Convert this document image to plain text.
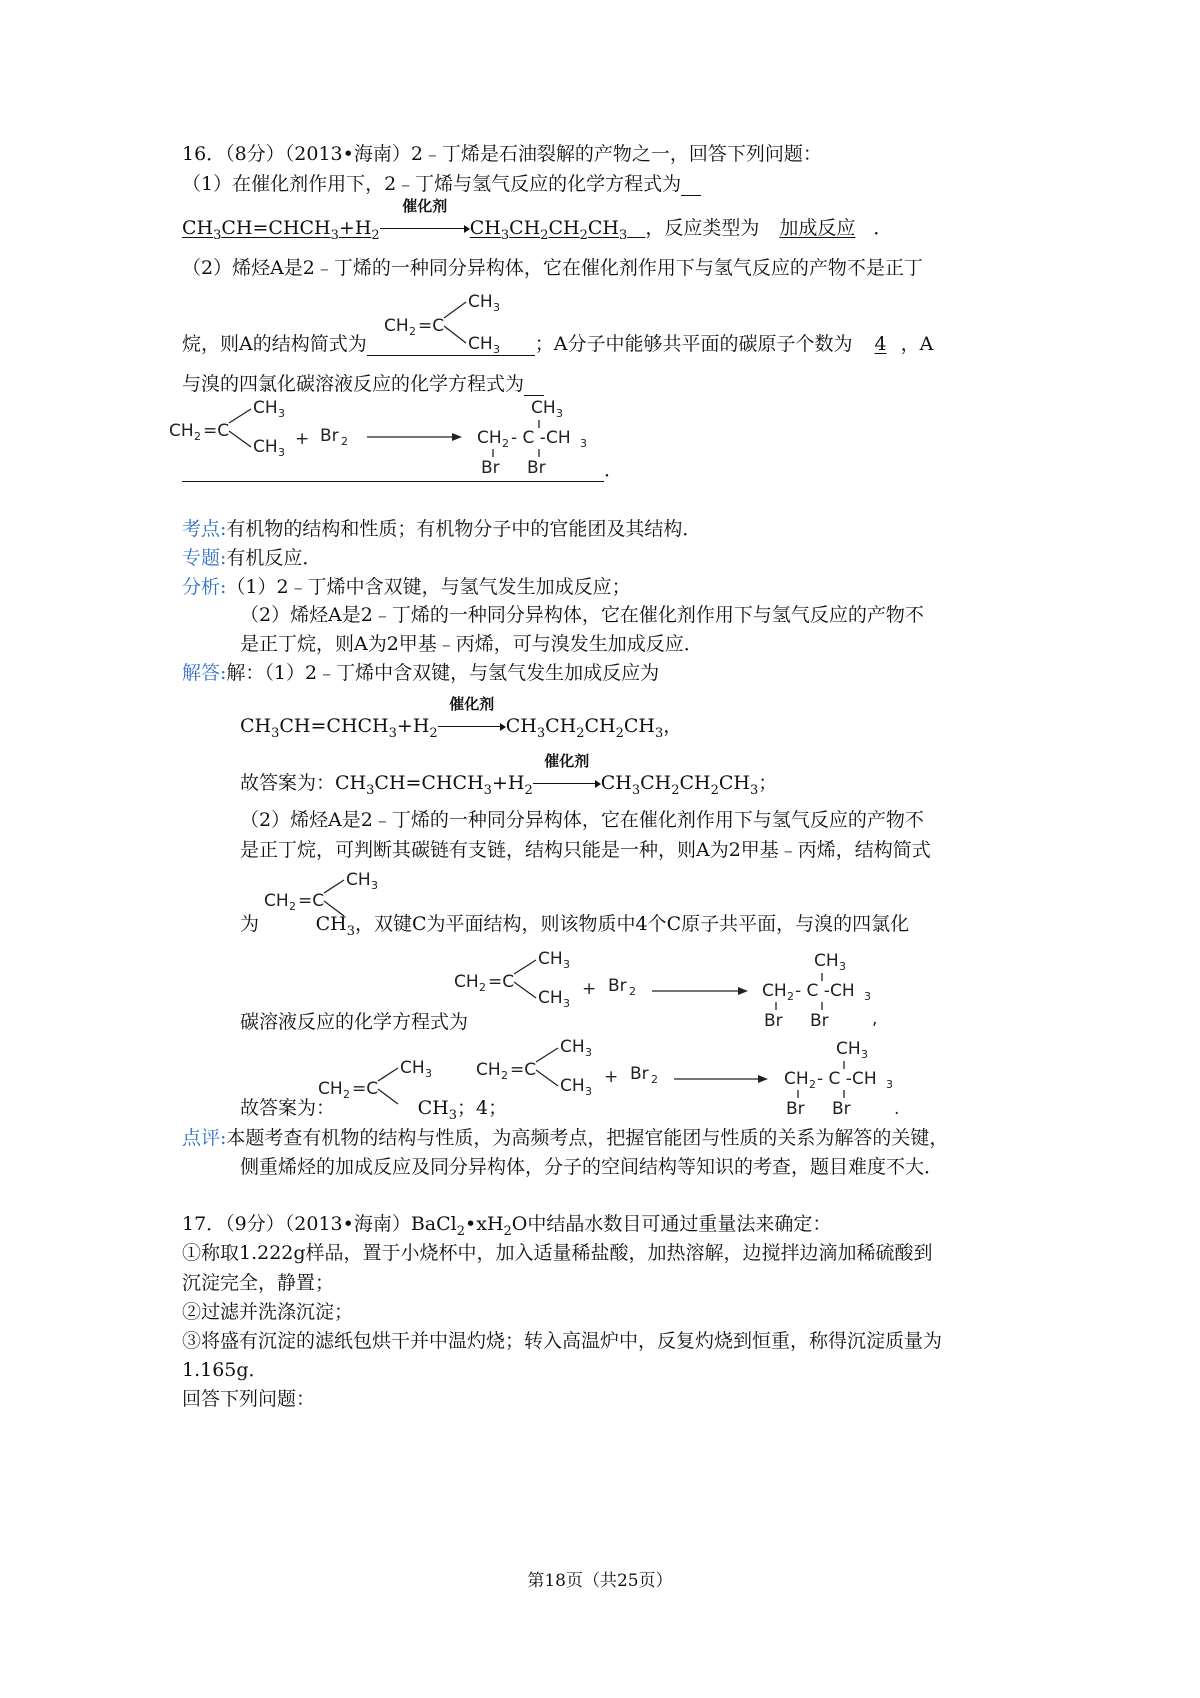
16．（8分）（2013•海南）2﹣丁烯是石油裂解的产物之一，回答下列问题：
（1）在催化剂作用下，2﹣丁烯与氢气反应的化学方程式为
$CH_3CH=CHCH_3+H_2$
催化剂
$CH_3CH_2CH_2CH_3$ ，反应类型为 加成反应 ．
（2）烯烃A是2﹣丁烯的一种同分异构体，它在催化剂作用下与氢气反应的产物不是正丁
烷，则A的结构简式为	；A分子中能够共平面的碳原子个数为 4 ，A
CH 2 =C
CH 3
CH 3
与溴的四氯化碳溶液反应的化学方程式为
CH 2 =C
CH 3
CH 3
+ Br 2
CH 3
CH 2 - C -CH 3
Br Br	．
考点:有机物的结构和性质；有机物分子中的官能团及其结构．
专题:有机反应．
分析:（1）2﹣丁烯中含双键，与氢气发生加成反应；
（2）烯烃A是2﹣丁烯的一种同分异构体，它在催化剂作用下与氢气反应的产物不
是正丁烷，则A为2甲基﹣丙烯，可与溴发生加成反应．
解答:解：（1）2﹣丁烯中含双键，与氢气发生加成反应为
$CH_3CH=CHCH_3+H_2$
催化剂
$CH_3CH_2CH_2CH_3$，
故答案为：$CH_3CH=CHCH_3+H_2$
催化剂
$CH_3CH_2CH_2CH_3$；
（2）烯烃A是2﹣丁烯的一种同分异构体，它在催化剂作用下与氢气反应的产物不
是正丁烷，可判断其碳链有支链，结构只能是一种，则A为2甲基﹣丙烯，结构简式
CH 2 =C
CH 3
为	$CH_3$，双键C为平面结构，则该物质中4个C原子共平面，与溴的四氯化
CH 2 =C
CH 3
CH 3
+ Br 2
CH 3
CH 2 - C -CH 3
Br Br	,
碳溶液反应的化学方程式为
CH 2 =C
CH 3
故答案为：	$CH_3$；4；
CH 2 =C
CH 3
CH 3
+ Br 2
CH 3
CH 2 - C -CH 3
Br Br	.
点评:本题考查有机物的结构与性质，为高频考点，把握官能团与性质的关系为解答的关键，
侧重烯烃的加成反应及同分异构体，分子的空间结构等知识的考查，题目难度不大．
17．（9分）（2013•海南）$BaCl_2•xH_2O$中结晶水数目可通过重量法来确定：
①称取1.222g样品，置于小烧杯中，加入适量稀盐酸，加热溶解，边搅拌边滴加稀硫酸到
沉淀完全，静置；
②过滤并洗涤沉淀；
③将盛有沉淀的滤纸包烘干并中温灼烧；转入高温炉中，反复灼烧到恒重，称得沉淀质量为
1.165g．
回答下列问题：
第18页（共25页）
